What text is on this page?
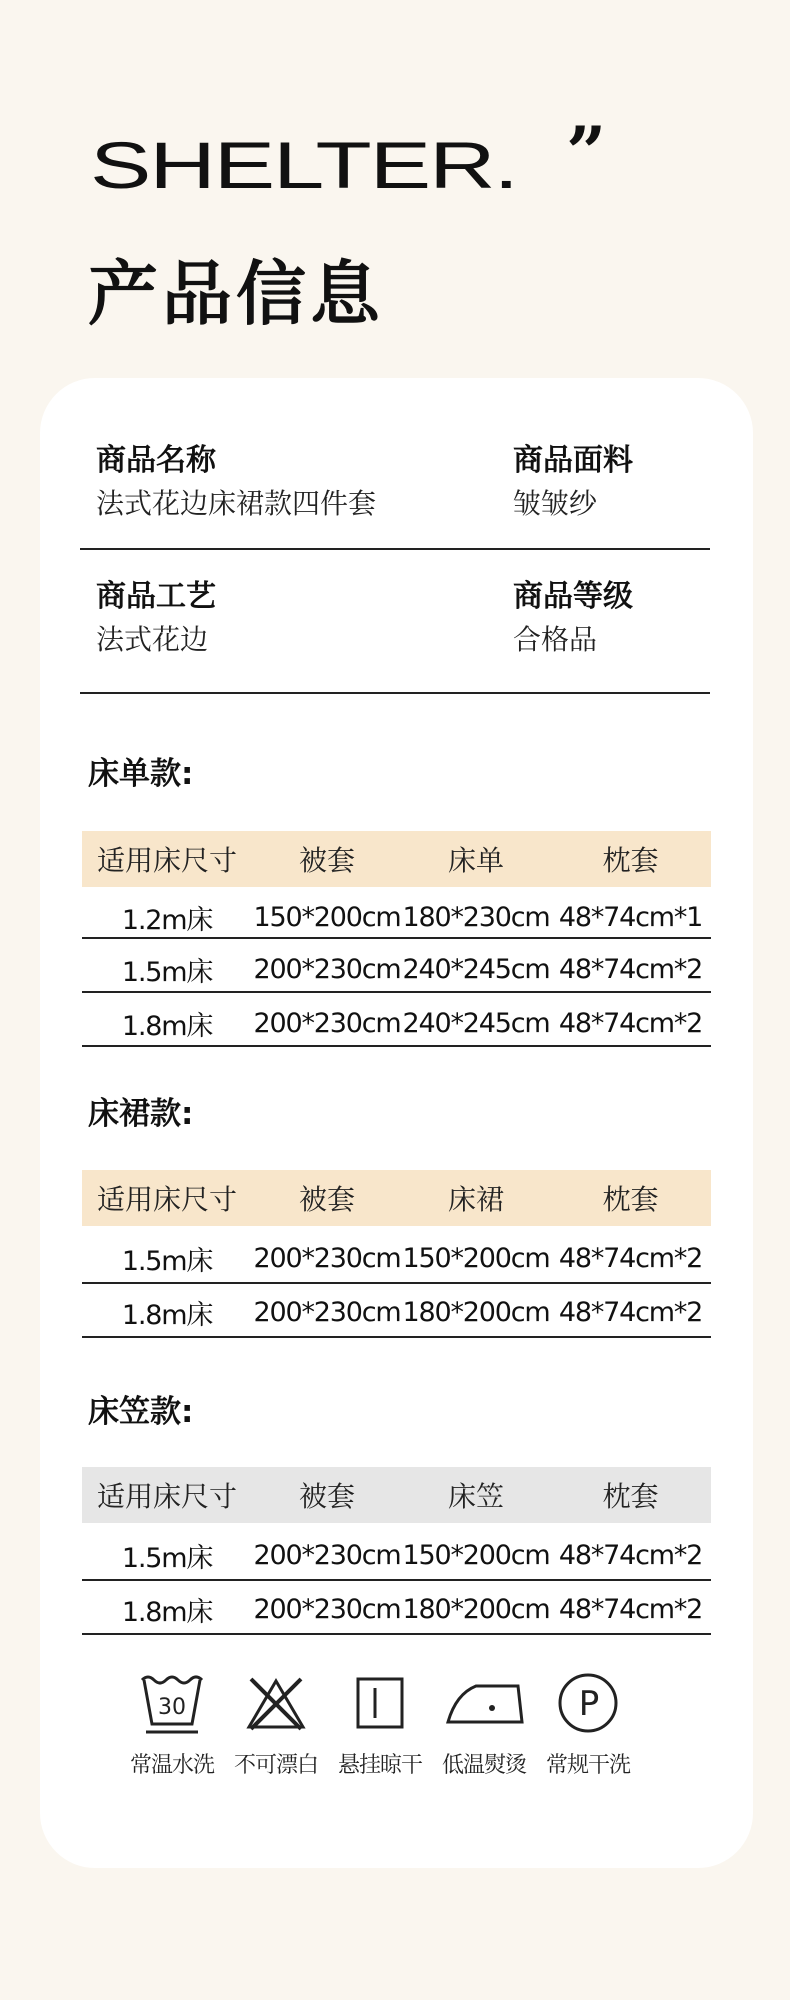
SHELTER. ”
产品信息
商品名称
法式花边床裙款四件套
商品面料
皱皱纱
商品工艺
法式花边
商品等级
合格品
床单款:
适用床尺寸	被套	床单	枕套
1.2m床	150*200cm 180*230cm 48*74cm*1
1.5m床	200*230cm 240*245cm 48*74cm*2
1.8m床	200*230cm 240*245cm 48*74cm*2
床裙款:
适用床尺寸	被套	床裙	枕套
1.5m床	200*230cm 150*200cm 48*74cm*2
1.8m床	200*230cm 180*200cm 48*74cm*2
床笠款:
适用床尺寸	被套	床笠	枕套
1.5m床	200*230cm 150*200cm 48*74cm*2
1.8m床	200*230cm 180*200cm 48*74cm*2
30
常温水洗 不可漂白 悬挂晾干 低温熨烫
P
常规干洗
